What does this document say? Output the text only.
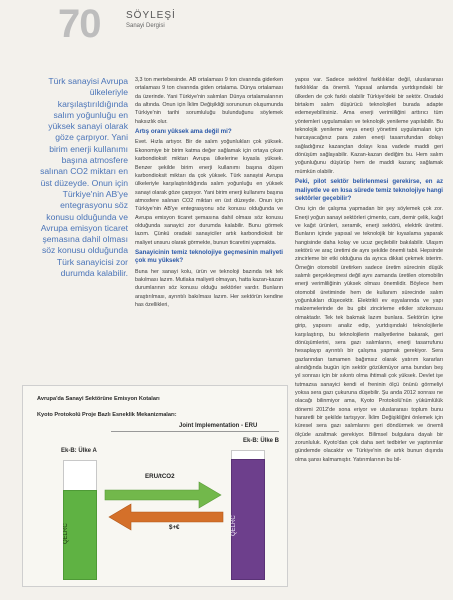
70	SÖYLEŞİ
Sanayi Dergisi
Türk sanayisi Avrupa ülkeleriyle karşılaştırıldığında salım yoğunluğu en yüksek sanayi olarak göze çarpıyor. Yani birim enerji kullanımı başına atmosfere salınan CO2 miktarı en üst düzeyde. Onun için Türkiye'nin AB'ye entegrasyonu söz konusu olduğunda ve Avrupa emisyon ticaret şemasına dahil olması söz konusu olduğunda Türk sanayicisi zor durumda kalabilir.

3,3 ton mertebesinde. AB ortalaması 9 ton civarında giderken ortalaması 9 ton civarında giden ortalama. Dünya ortalaması da üzerinde. Yani Türkiye'nin salımları Dünya ortalamalarının da altında. Onun için İklim Değişikliği sorununun oluşumunda Türkiye'nin tarihi sorumluluğu bulunduğunu söylemek haksızlık olur.

Artış oranı yüksek ama değil mi?

Evet. Hızla artıyor. Bir de salım yoğunlukları çok yüksek. Ekonomiye bir birim katma değer sağlamak için ortaya çıkan karbondioksit miktarı Avrupa ülkelerine kıyasla yüksek. Benzer şekilde birim enerji kullanımı başına düşen karbondioksit miktarı da çok yüksek. Türk sanayisi Avrupa ülkeleriyle karşılaştırıldığında salım yoğunluğu en yüksek sanayi olarak göze çarpıyor. Yani birim enerji kullanımı başına atmosfere salınan CO2 miktarı en üst düzeyde. Onun için Türkiye'nin AB'ye entegrasyonu söz konusu olduğunda ve Avrupa emisyon ticaret şemasına dahil olması söz konusu olduğunda sanayici zor durumda kalabilir. Bunu görmek lazım. Çünkü oradaki sanayiciler artık karbondioksit bir maliyet unsuru olarak görmekte, bunun ticaretini yapmakta.

Sanayicinin temiz teknolojiye geçmesinin maliyeti çok mu yüksek?

Buna her sanayi kolu, ürün ve teknoloji bazında tek tek bakılması lazım. Mutlaka maliyeti olmayan, hatta kazan-kazan durumlarının söz konusu olduğu sektörler vardır. Bunların araştırılması, ayrıntılı bakılması lazım. Her sektörün kendine has özellikleri,

yapısı var. Sadece sektörel farklılıklar değil, uluslararası farklılıklar da önemli. Yapısal anlamda yurtdışındaki bir ülkeden de çok farklı olabilir Türkiye'deki bir sektör. Oradaki birtakım salım düşürücü teknolojileri burada adapte edemeyebilirsiniz. Ama enerji verimliliğini arttırıcı tüm yöntemleri uygulamaları ve teknolojik yenileme yapılabilir. Bu teknolojik yenileme veya enerji yönetimi uygulamaları için harcayacağınız para zaten enerji tasarrufundan dolayı sağladığınız kazançtan dolayı kısa vadede maddi geri dönüşüm sağlayabilir. Kazan-kazan dediğim bu. Hem salım yoğunluğunu düşürüp hem de maddi kazanç sağlamak mümkün olabilir.

Peki, pilot sektör belirlenmesi gerekirse, en az maliyetle ve en kısa sürede temiz teknolojiye hangi sektörler geçebilir?

Onu için de çalışma yapmadan bir şey söylemek çok zor. Enerji yoğun sanayi sektörleri çimento, cam, demir çelik, kağıt ve kağıt ürünleri, seramik, enerji sektörü, elektrik üretimi. Bunların içinde yapısal ve teknolojik bir kıyaslama yaparak hangisinde daha kolay ve ucuz geçilebilir bakılabilir. Ulaşım sektörü ve araç üretimi de aynı şekilde önemli tabii. Hepsinde zincirleme bir etki olduğuna da ayrıca dikkat çekmek isterim. Örneğin otomobil üretirken sadece üretim sürecinin düşük salımlı gerçekleşmesi değil aynı zamanda üretilen otomobilin enerji verimliliğinin yüksek olması önemlidir. Böylece hem otomobil üretiminde hem de kullanım sürecinde salım yoğunlukları düşecektir. Elektrikli ev eşyalarında ve yapı malzemelerinde de bu gibi zincirleme etkiler sözkonusu olmaktadır. Tek tek bakmak lazım bunlara. Sektörün içine girip, yapısını analiz edip, yurtdışındaki teknolojilerle karşılaştırıp, bu teknolojilerin maliyetlerine bakarak, geri dönüşümlerini, sera gazı salımlarını, enerji tasarrufunu hesaplayıp ayrıntılı bir çalışma yapmak gerekiyor. Sera gazlarından tamamen bağımsız olarak yatırım kararları alındığında bugün için sektör gözükmüyor ama bundan beş yıl sonrası için bir sıkıntı olma ihtimali çok yüksek. Devlet işe tutmazsa sanayici kendi el freninin ölçü önünü görmeliyi yoksa sera gazı çukuruna düşebilir. Şu anda 2012 sonrası ne olacağı bilinmiyor ama, Kyoto Protokolü'nün yükümlülük dönemi 2012'de sona eriyor ve uluslararası toplum bunu hararetli bir şekilde tartışıyor. İklim Değişikliğini önlemek için küresel sera gazı salımlarını geri döndürmek ve önemli ölçüde azaltmak gerekiyor. Bilimsel bulgulara dayalı bir zorunluluk. Kyoto'dan çok daha sert tedbirler ve yaptırımlar gündemde olacaktır ve Türkiye'nin de artık bunun dışında olma şansı kalmamıştır. Yatırımlarının bu bil-

Avrupa'da Sanayi Sektörüne Emisyon Kotaları
Kyoto Protokolü Proje Bazlı Esneklik Mekanizmaları:
Joint Implementation - ERU
Ek-B: Ülke B
Ek-B: Ülke A
QELRC	QELRC
ERU/tCO2
$+€
